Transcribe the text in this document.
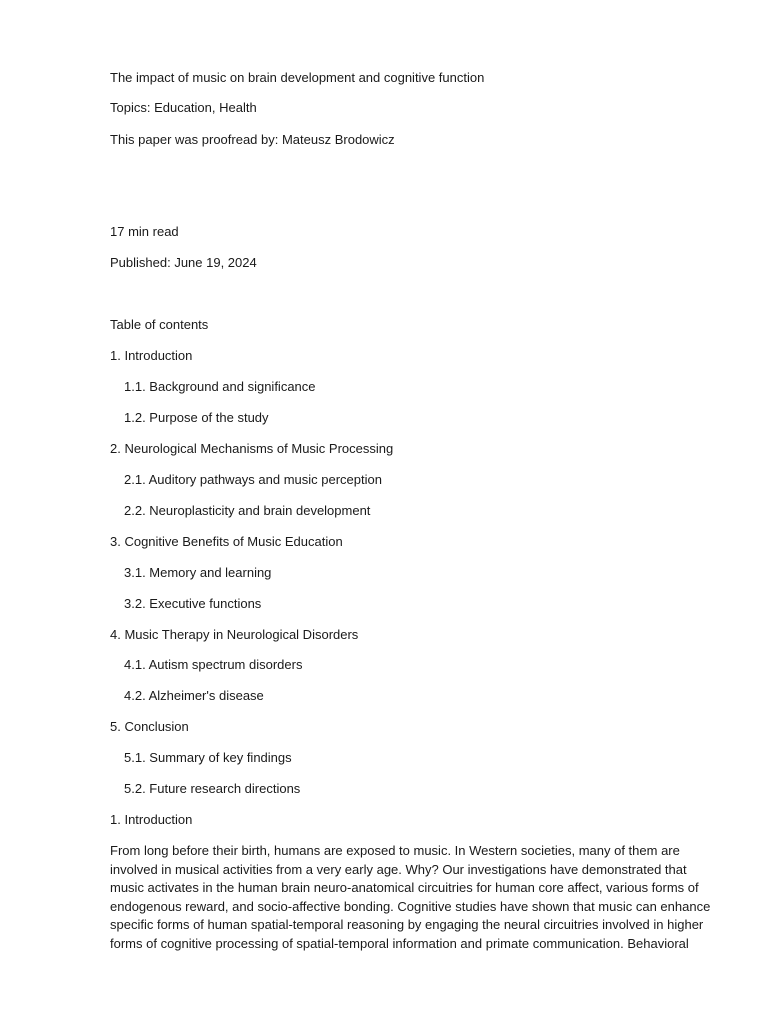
The impact of music on brain development and cognitive function
Topics: Education, Health
This paper was proofread by: Mateusz Brodowicz
17 min read
Published: June 19, 2024
Table of contents
1. Introduction
1.1. Background and significance
1.2. Purpose of the study
2. Neurological Mechanisms of Music Processing
2.1. Auditory pathways and music perception
2.2. Neuroplasticity and brain development
3. Cognitive Benefits of Music Education
3.1. Memory and learning
3.2. Executive functions
4. Music Therapy in Neurological Disorders
4.1. Autism spectrum disorders
4.2. Alzheimer's disease
5. Conclusion
5.1. Summary of key findings
5.2. Future research directions
1. Introduction
From long before their birth, humans are exposed to music. In Western societies, many of them are
involved in musical activities from a very early age. Why? Our investigations have demonstrated that
music activates in the human brain neuro-anatomical circuitries for human core affect, various forms of
endogenous reward, and socio-affective bonding. Cognitive studies have shown that music can enhance
specific forms of human spatial-temporal reasoning by engaging the neural circuitries involved in higher
forms of cognitive processing of spatial-temporal information and primate communication. Behavioral
